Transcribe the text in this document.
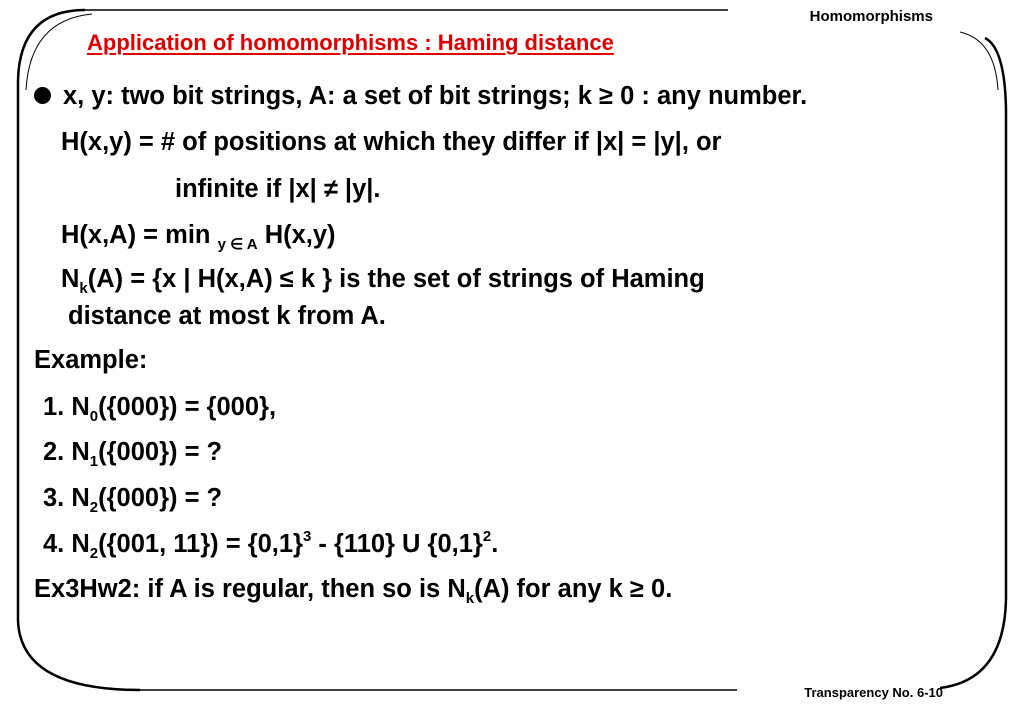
Homomorphisms
Transparency No. 6-10
Application of homomorphisms : Haming distance
x, y: two bit strings, A: a set of bit strings; k ≥ 0 : any number.
H(x,y) = # of positions at which they differ if |x| = |y|, or
infinite if |x| ≠ |y|.
H(x,A) = min $_{y \in A}$ H(x,y)
$N_k(A) = \{x$ | H(x,A) ≤ k } is the set of strings of Haming
distance at most k from A.
Example:
1. $N_0(\{000\}) = \{000\}$,
2. $N_1(\{000\})$ = ?
3. $N_2(\{000\})$ = ?
4. $N_2(\{001$, $11\}) = \{0,1\}^3 - \{110\}$ U $\{0,1\}^2$.
Ex3Hw2: if A is regular, then so is $N_k(A)$ for any k ≥ 0.
